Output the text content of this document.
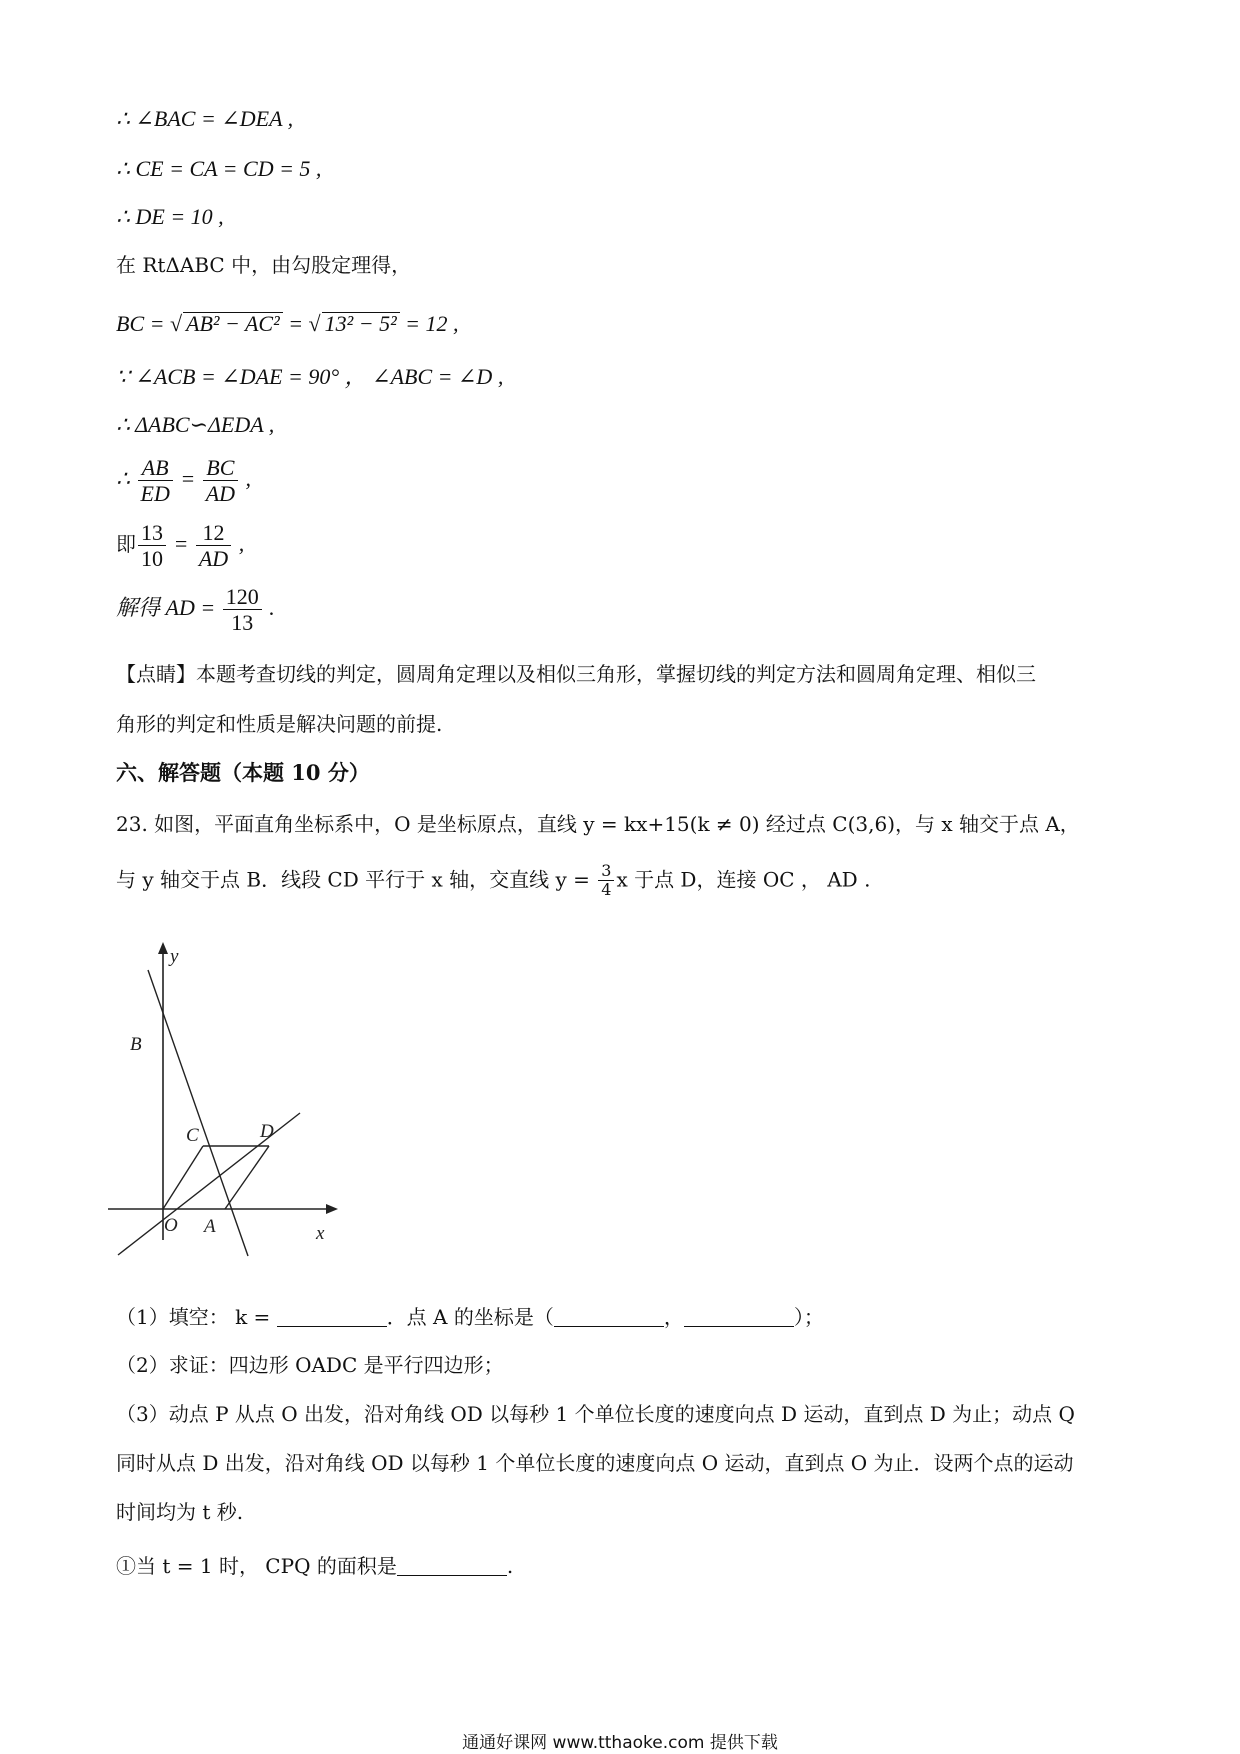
∴ ∠BAC = ∠DEA ,
∴ CE = CA = CD = 5 ,
∴ DE = 10 ,
在 RtΔABC 中，由勾股定理得，
BC = √ AB² − AC² = √ 13² − 5² = 12 ,
∵ ∠ACB = ∠DAE = 90° ， ∠ABC = ∠D ,
∴ ΔABC∽ΔEDA ,
∴ $\frac{AB}{ED} = \frac{BC}{AD}$ ,
即 $\frac{13}{10} = \frac{12}{AD}$ ,
解得 AD = $\frac{120}{13}$ .
【点睛】本题考查切线的判定，圆周角定理以及相似三角形，掌握切线的判定方法和圆周角定理、相似三
角形的判定和性质是解决问题的前提.
六、解答题（本题 10 分）
23. 如图，平面直角坐标系中，O 是坐标原点，直线 y = kx+15(k ≠ 0) 经过点 C(3,6)，与 x 轴交于点 A，
与 y 轴交于点 B．线段 CD 平行于 x 轴，交直线 $y = \frac{3}{4}$ x 于点 D，连接 OC ， AD .
y
B
C	D
O A	x
（1）填空： k =	．点 A 的坐标是（	，	）；
（2）求证：四边形 OADC 是平行四边形；
（3）动点 P 从点 O 出发，沿对角线 OD 以每秒 1 个单位长度的速度向点 D 运动，直到点 D 为止；动点 Q
同时从点 D 出发，沿对角线 OD 以每秒 1 个单位长度的速度向点 O 运动，直到点 O 为止．设两个点的运动
时间均为 t 秒.
①当 t = 1 时， CPQ 的面积是	.
通通好课网 www.tthaoke.com 提供下载
